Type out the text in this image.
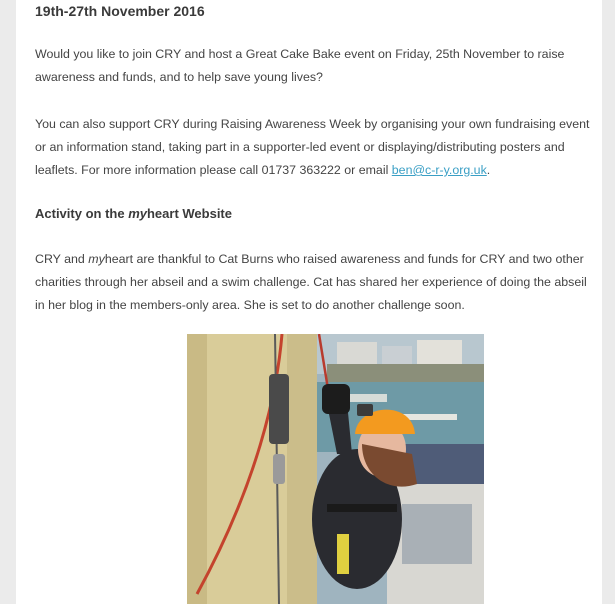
19th-27th November 2016

Would you like to join CRY and host a Great Cake Bake event on Friday, 25th November to raise awareness and funds, and to help save young lives?

You can also support CRY during Raising Awareness Week by organising your own fundraising event or an information stand, taking part in a supporter-led event or displaying/distributing posters and leaflets. For more information please call 01737 363222 or email ben@c-r-y.org.uk.

Activity on the myheart Website

CRY and myheart are thankful to Cat Burns who raised awareness and funds for CRY and two other charities through her abseil and a swim challenge. Cat has shared her experience of doing the abseil in her blog in the members-only area. She is set to do another challenge soon.
